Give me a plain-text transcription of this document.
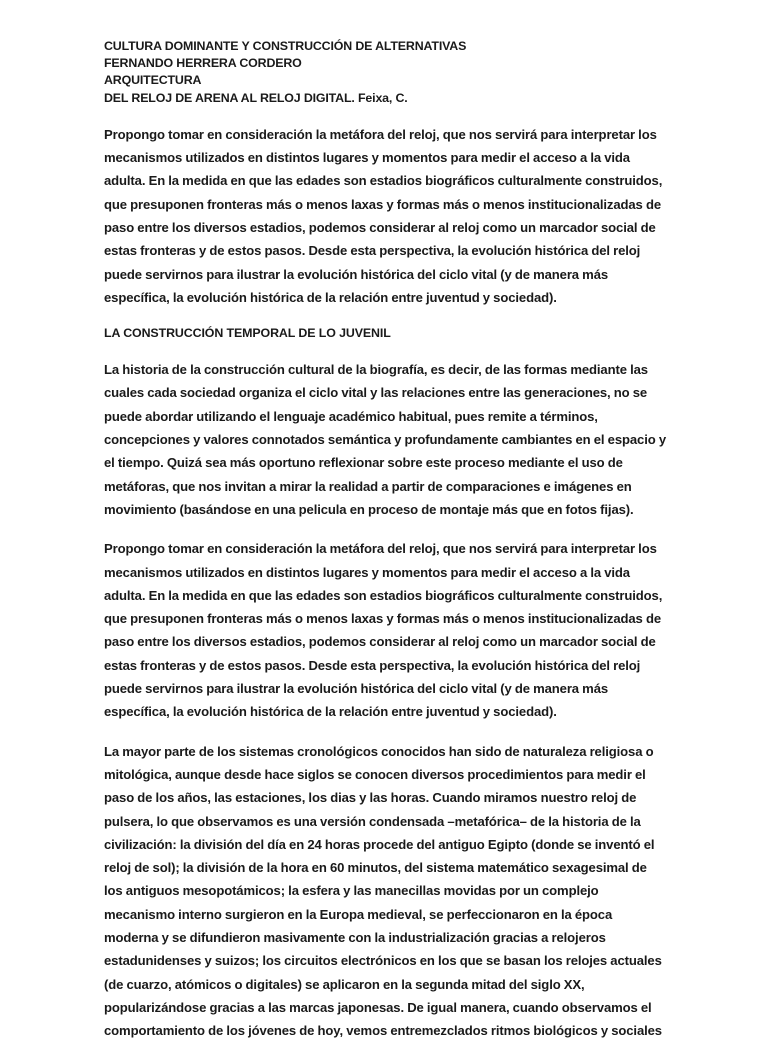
CULTURA DOMINANTE Y CONSTRUCCIÓN DE ALTERNATIVAS
FERNANDO HERRERA CORDERO
ARQUITECTURA
DEL RELOJ DE ARENA AL RELOJ DIGITAL. Feixa, C.

Propongo tomar en consideración la metáfora del reloj, que nos servirá para interpretar los mecanismos utilizados en distintos lugares y momentos para medir el acceso a la vida adulta. En la medida en que las edades son estadios biográficos culturalmente construidos, que presuponen fronteras más o menos laxas y formas más o menos institucionalizadas de paso entre los diversos estadios, podemos considerar al reloj como un marcador social de estas fronteras y de estos pasos. Desde esta perspectiva, la evolución histórica del reloj puede servirnos para ilustrar la evolución histórica del ciclo vital (y de manera más específica, la evolución histórica de la relación entre juventud y sociedad).

LA CONSTRUCCIÓN TEMPORAL DE LO JUVENIL

La historia de la construcción cultural de la biografía, es decir, de las formas mediante las cuales cada sociedad organiza el ciclo vital y las relaciones entre las generaciones, no se puede abordar utilizando el lenguaje académico habitual, pues remite a términos, concepciones y valores connotados semántica y profundamente cambiantes en el espacio y el tiempo. Quizá sea más oportuno reflexionar sobre este proceso mediante el uso de metáforas, que nos invitan a mirar la realidad a partir de comparaciones e imágenes en movimiento (basándose en una pelicula en proceso de montaje más que en fotos fijas).

Propongo tomar en consideración la metáfora del reloj, que nos servirá para interpretar los mecanismos utilizados en distintos lugares y momentos para medir el acceso a la vida adulta. En la medida en que las edades son estadios biográficos culturalmente construidos, que presuponen fronteras más o menos laxas y formas más o menos institucionalizadas de paso entre los diversos estadios, podemos considerar al reloj como un marcador social de estas fronteras y de estos pasos. Desde esta perspectiva, la evolución histórica del reloj puede servirnos para ilustrar la evolución histórica del ciclo vital (y de manera más específica, la evolución histórica de la relación entre juventud y sociedad).

La mayor parte de los sistemas cronológicos conocidos han sido de naturaleza religiosa o mitológica, aunque desde hace siglos se conocen diversos procedimientos para medir el paso de los años, las estaciones, los dias y las horas. Cuando miramos nuestro reloj de pulsera, lo que observamos es una versión condensada –metafórica– de la historia de la civilización: la división del día en 24 horas procede del antiguo Egipto (donde se inventó el reloj de sol); la división de la hora en 60 minutos, del sistema matemático sexagesimal de los antiguos mesopotámicos; la esfera y las manecillas movidas por un complejo mecanismo interno surgieron en la Europa medieval, se perfeccionaron en la época moderna y se difundieron masivamente con la industrialización gracias a relojeros estadunidenses y suizos; los circuitos electrónicos en los que se basan los relojes actuales (de cuarzo, atómicos o digitales) se aplicaron en la segunda mitad del siglo XX, popularizándose gracias a las marcas japonesas. De igual manera, cuando observamos el comportamiento de los jóvenes de hoy, vemos entremezclados ritmos biológicos y sociales
